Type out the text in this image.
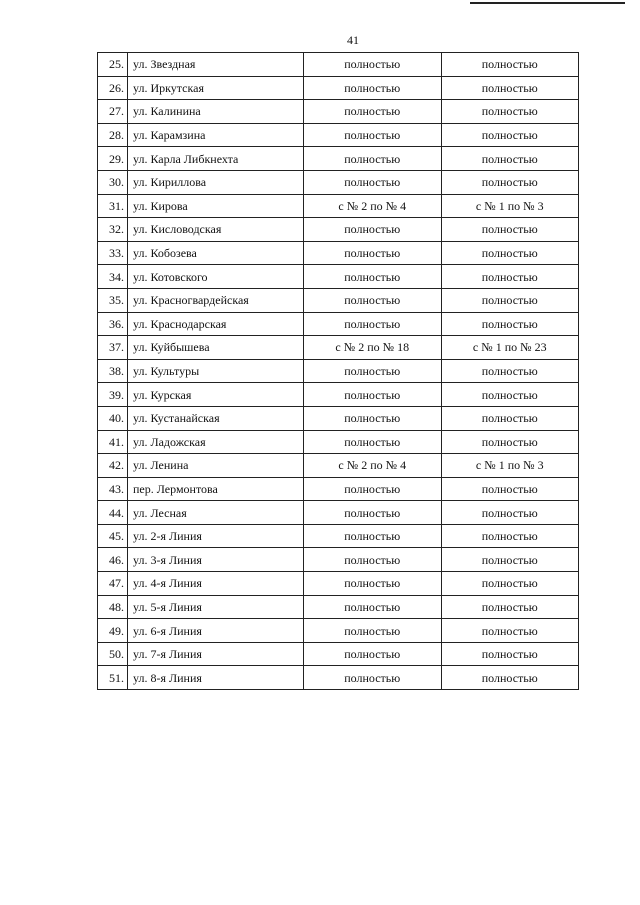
41
25.	ул. Звездная	полностью	полностью
26.	ул. Иркутская	полностью	полностью
27.	ул. Калинина	полностью	полностью
28.	ул. Карамзина	полностью	полностью
29.	ул. Карла Либкнехта	полностью	полностью
30.	ул. Кириллова	полностью	полностью
31.	ул. Кирова	с № 2 по № 4	с № 1 по № 3
32.	ул. Кисловодская	полностью	полностью
33.	ул. Кобозева	полностью	полностью
34.	ул. Котовского	полностью	полностью
35.	ул. Красногвардейская	полностью	полностью
36.	ул. Краснодарская	полностью	полностью
37.	ул. Куйбышева	с № 2 по № 18	с № 1 по № 23
38.	ул. Культуры	полностью	полностью
39.	ул. Курская	полностью	полностью
40.	ул. Кустанайская	полностью	полностью
41.	ул. Ладожская	полностью	полностью
42.	ул. Ленина	с № 2 по № 4	с № 1 по № 3
43.	пер. Лермонтова	полностью	полностью
44.	ул. Лесная	полностью	полностью
45.	ул. 2-я Линия	полностью	полностью
46.	ул. 3-я Линия	полностью	полностью
47.	ул. 4-я Линия	полностью	полностью
48.	ул. 5-я Линия	полностью	полностью
49.	ул. 6-я Линия	полностью	полностью
50.	ул. 7-я Линия	полностью	полностью
51.	ул. 8-я Линия	полностью	полностью
